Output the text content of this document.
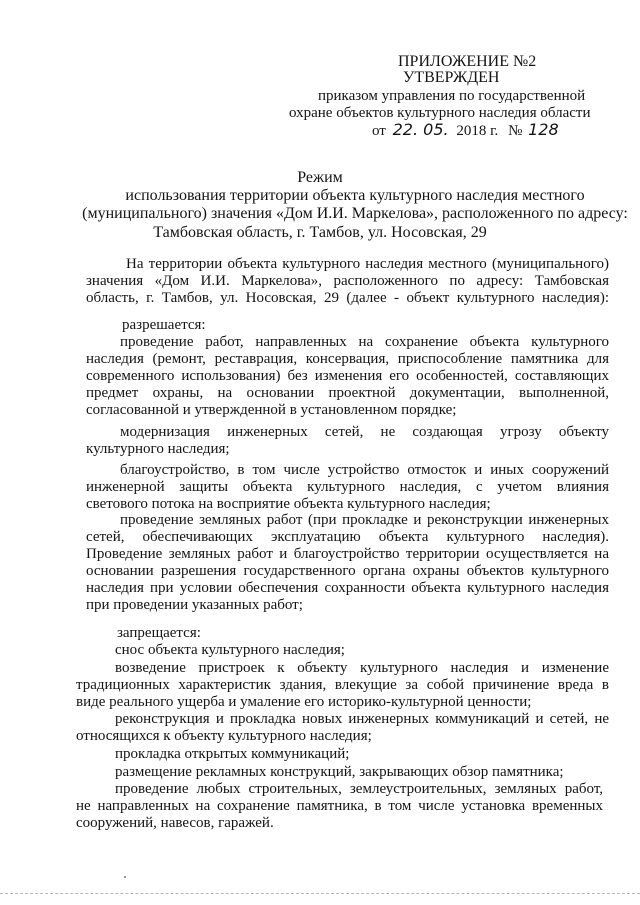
ПРИЛОЖЕНИЕ №2
УТВЕРЖДЕН
приказом управления по государственной
охране объектов культурного наследия области
от 22. 05. 2018 г. № 128
Режим
использования территории объекта культурного наследия местного
(муниципального) значения «Дом И.И. Маркелова», расположенного по адресу:
Тамбовская область, г. Тамбов, ул. Носовская, 29
На территории объекта культурного наследия местного (муниципального)
значения «Дом И.И. Маркелова», расположенного по адресу: Тамбовская
область, г. Тамбов, ул. Носовская, 29 (далее - объект культурного наследия):
разрешается:
проведение работ, направленных на сохранение объекта культурного
наследия (ремонт, реставрация, консервация, приспособление памятника для
современного использования) без изменения его особенностей, составляющих
предмет охраны, на основании проектной документации, выполненной,
согласованной и утвержденной в установленном порядке;
модернизация инженерных сетей, не создающая угрозу объекту
культурного наследия;
благоустройство, в том числе устройство отмосток и иных сооружений
инженерной защиты объекта культурного наследия, с учетом влияния
светового потока на восприятие объекта культурного наследия;
проведение земляных работ (при прокладке и реконструкции инженерных
сетей, обеспечивающих эксплуатацию объекта культурного наследия).
Проведение земляных работ и благоустройство территории осуществляется на
основании разрешения государственного органа охраны объектов культурного
наследия при условии обеспечения сохранности объекта культурного наследия
при проведении указанных работ;
запрещается:
снос объекта культурного наследия;
возведение пристроек к объекту культурного наследия и изменение
традиционных характеристик здания, влекущие за собой причинение вреда в
виде реального ущерба и умаление его историко-культурной ценности;
реконструкция и прокладка новых инженерных коммуникаций и сетей, не
относящихся к объекту культурного наследия;
прокладка открытых коммуникаций;
размещение рекламных конструкций, закрывающих обзор памятника;
проведение любых строительных, землеустроительных, земляных работ,
не направленных на сохранение памятника, в том числе установка временных
сооружений, навесов, гаражей.
